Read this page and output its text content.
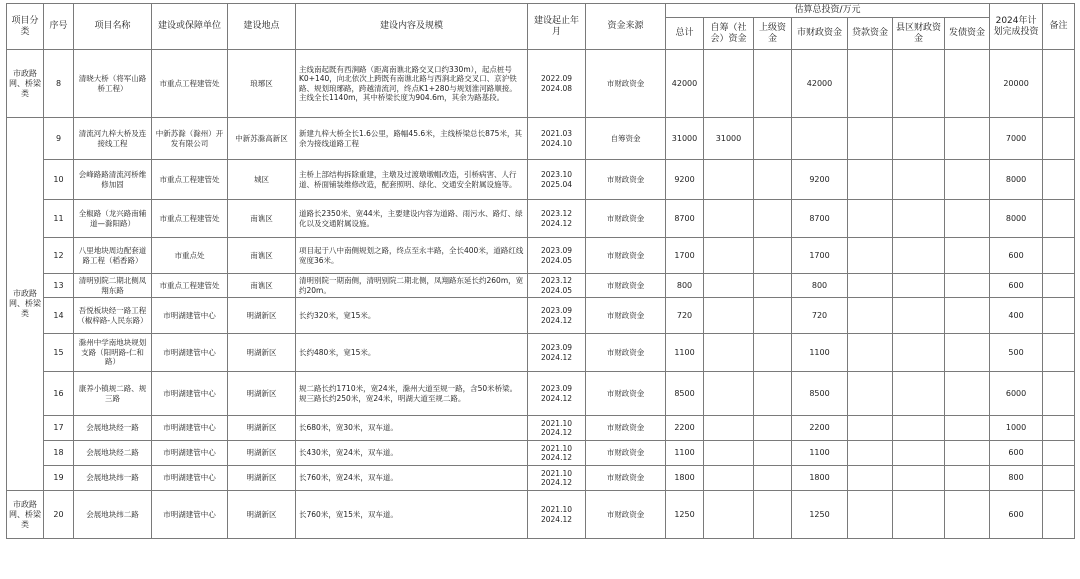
项目分类	序号	项目名称	建设或保障单位	建设地点	建设内容及规模	建设起止年月	资金来源	估算总投资/万元							2024年计划完成投资	备注
								总计	自筹（社会）资金	上级资金	市财政资金	贷款资金	县区财政资金	发债资金		
市政路网、桥梁类	8	清晓大桥（将军山路桥工程）	市重点工程建管处	琅琊区	主线南起既有西涧路（距离南谯北路交叉口约330m），起点桩号K0+140，向北依次上跨既有南谯北路与西涧北路交叉口、京沪铁路、规划琅琊路，跨越清流河，终点K1+280与规划淮河路顺接。主线全长1140m，其中桥梁长度为904.6m，其余为路基段。	2022.09 2024.08	市财政资金	42000			42000				20000	
市政路网、桥梁类	9	清流河九梓大桥及连接线工程	中新苏滁（滁州）开发有限公司	中新苏滁高新区	新建九梓大桥全长1.6公里，路幅45.6米，主线桥梁总长875米，其余为接线道路工程	2021.03 2024.10	自筹资金	31000	31000						7000	
	10	会峰路路清流河桥维修加固	市重点工程建管处	城区	主桥上部结构拆除重建，主墩及过渡墩墩帽改造，引桥病害、人行道、桥面铺装维修改造，配套照明、绿化、交通安全附属设施等。	2023.10 2025.04	市财政资金	9200			9200				8000	
	11	全椒路（龙兴路南辅道—滁阳路）	市重点工程建管处	南谯区	道路长2350米、宽44米，主要建设内容为道路、雨污水、路灯、绿化以及交通附属设施。	2023.12 2024.12	市财政资金	8700			8700				8000	
	12	八里地块周边配套道路工程（稻香路）	市重点处	南谯区	项目起于八中南侧规划之路，终点至永丰路，全长400米，道路红线宽度36米。	2023.09 2024.05	市财政资金	1700			1700				600	
	13	清明别院二期北侧凤翔东路	市重点工程建管处	南谯区	清明别院一期南侧，清明别院二期北侧，凤翔路东延长约260m，宽约20m。	2023.12 2024.05	市财政资金	800			800				600	
	14	吾悦板块经一路工程（椒梓路-人民东路）	市明湖建管中心	明湖新区	长约320米，宽15米。	2023.09 2024.12	市财政资金	720			720				400	
	15	滁州中学南地块规划支路（阳明路-仁和路）	市明湖建管中心	明湖新区	长约480米，宽15米。	2023.09 2024.12	市财政资金	1100			1100				500	
	16	康养小镇规二路、规三路	市明湖建管中心	明湖新区	规二路长约1710米，宽24米，滁州大道至规一路，含50米桥梁。规三路长约250米，宽24米，明湖大道至规二路。	2023.09 2024.12	市财政资金	8500			8500				6000	
	17	会展地块经一路	市明湖建管中心	明湖新区	长680米，宽30米，双车道。	2021.10 2024.12	市财政资金	2200			2200				1000	
	18	会展地块经二路	市明湖建管中心	明湖新区	长430米，宽24米，双车道。	2021.10 2024.12	市财政资金	1100			1100				600	
	19	会展地块纬一路	市明湖建管中心	明湖新区	长760米，宽24米，双车道。	2021.10 2024.12	市财政资金	1800			1800				800	
市政路网、桥梁类	20	会展地块纬二路	市明湖建管中心	明湖新区	长760米，宽15米，双车道。	2021.10 2024.12	市财政资金	1250			1250				600	
